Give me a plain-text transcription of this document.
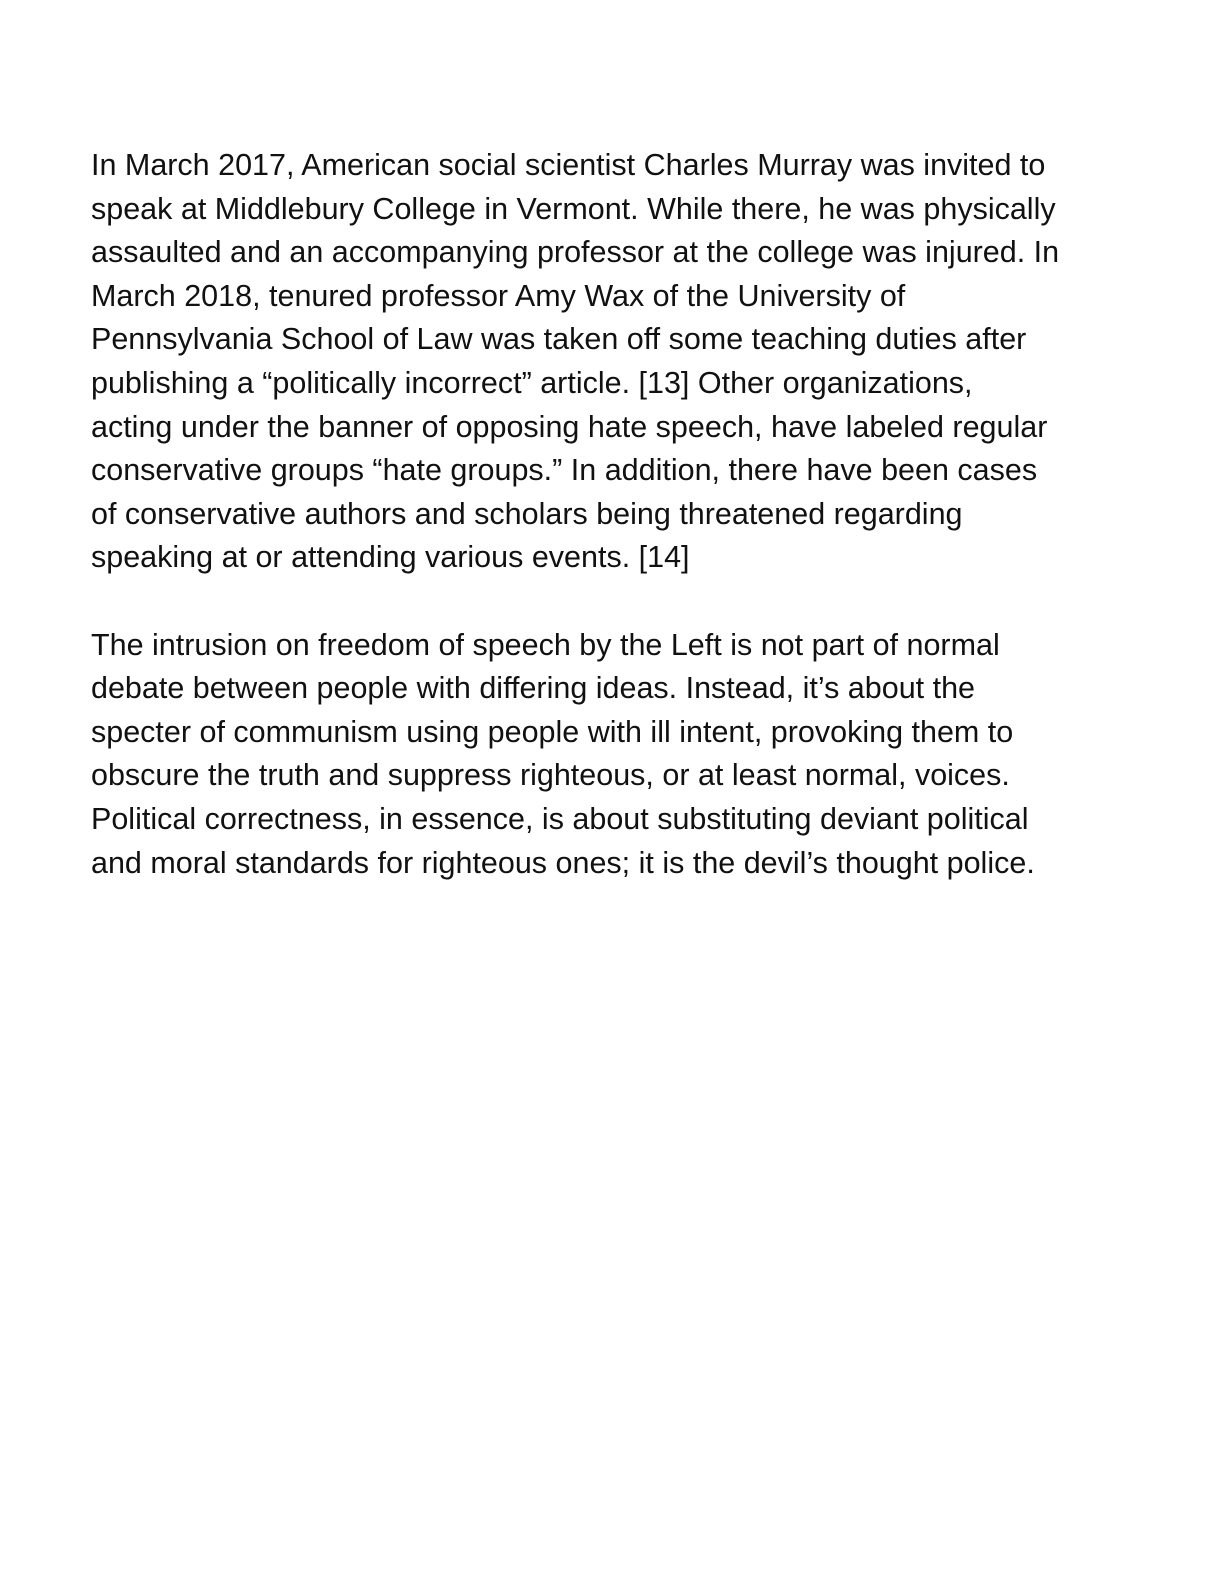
In March 2017, American social scientist Charles Murray was invited to
speak at Middlebury College in Vermont. While there, he was physically
assaulted and an accompanying professor at the college was injured. In
March 2018, tenured professor Amy Wax of the University of
Pennsylvania School of Law was taken off some teaching duties after
publishing a “politically incorrect” article. [13] Other organizations,
acting under the banner of opposing hate speech, have labeled regular
conservative groups “hate groups.” In addition, there have been cases
of conservative authors and scholars being threatened regarding
speaking at or attending various events. [14]

The intrusion on freedom of speech by the Left is not part of normal
debate between people with differing ideas. Instead, it’s about the
specter of communism using people with ill intent, provoking them to
obscure the truth and suppress righteous, or at least normal, voices.
Political correctness, in essence, is about substituting deviant political
and moral standards for righteous ones; it is the devil’s thought police.
